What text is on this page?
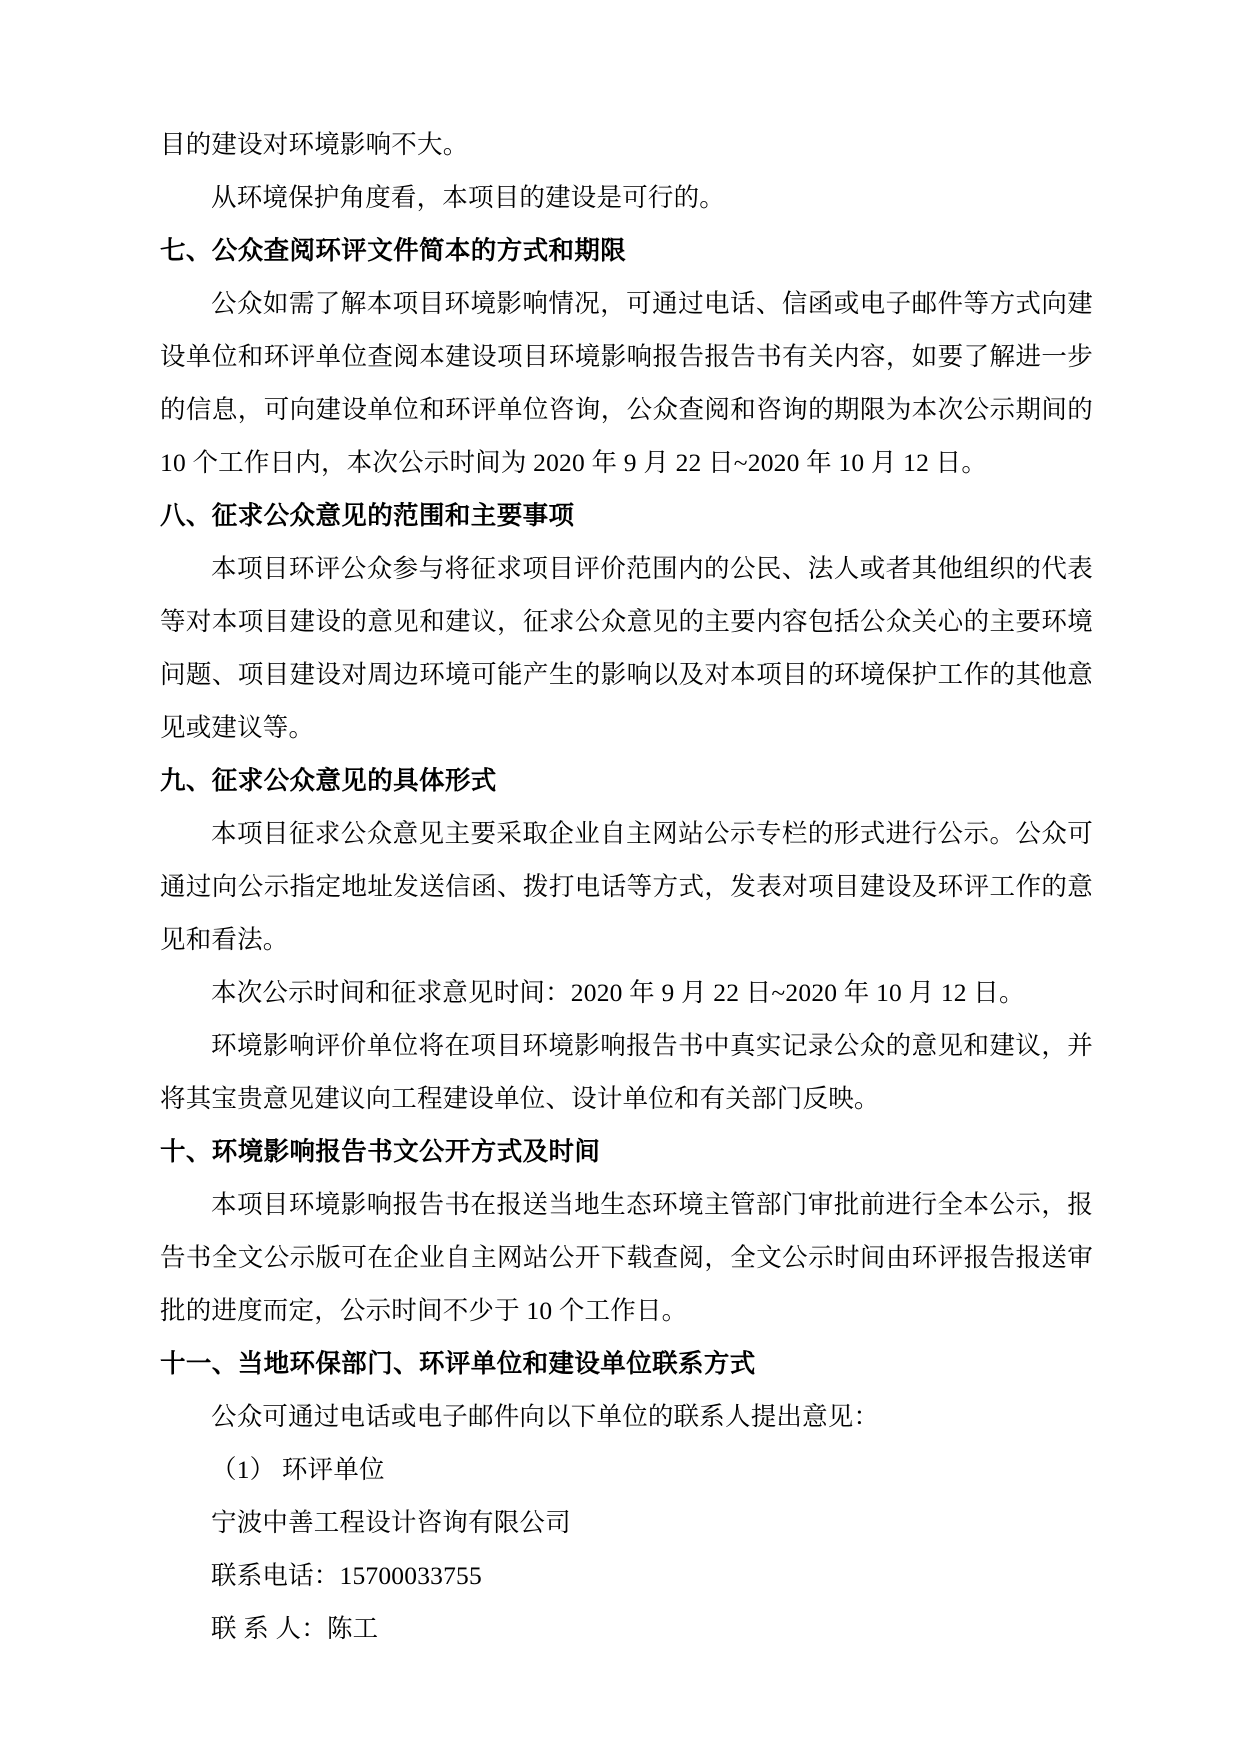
目的建设对环境影响不大。

从环境保护角度看，本项目的建设是可行的。

七、公众查阅环评文件简本的方式和期限

公众如需了解本项目环境影响情况，可通过电话、信函或电子邮件等方式向建设单位和环评单位查阅本建设项目环境影响报告报告书有关内容，如要了解进一步的信息，可向建设单位和环评单位咨询，公众查阅和咨询的期限为本次公示期间的 10 个工作日内，本次公示时间为 2020 年 9 月 22 日~2020 年 10 月 12 日。

八、征求公众意见的范围和主要事项

本项目环评公众参与将征求项目评价范围内的公民、法人或者其他组织的代表等对本项目建设的意见和建议，征求公众意见的主要内容包括公众关心的主要环境问题、项目建设对周边环境可能产生的影响以及对本项目的环境保护工作的其他意见或建议等。

九、征求公众意见的具体形式

本项目征求公众意见主要采取企业自主网站公示专栏的形式进行公示。公众可通过向公示指定地址发送信函、拨打电话等方式，发表对项目建设及环评工作的意见和看法。

本次公示时间和征求意见时间：2020 年 9 月 22 日~2020 年 10 月 12 日。

环境影响评价单位将在项目环境影响报告书中真实记录公众的意见和建议，并将其宝贵意见建议向工程建设单位、设计单位和有关部门反映。

十、环境影响报告书文公开方式及时间

本项目环境影响报告书在报送当地生态环境主管部门审批前进行全本公示，报告书全文公示版可在企业自主网站公开下载查阅，全文公示时间由环评报告报送审批的进度而定，公示时间不少于 10 个工作日。

十一、当地环保部门、环评单位和建设单位联系方式

公众可通过电话或电子邮件向以下单位的联系人提出意见：

（1） 环评单位

宁波中善工程设计咨询有限公司

联系电话：15700033755

联 系 人：陈工
